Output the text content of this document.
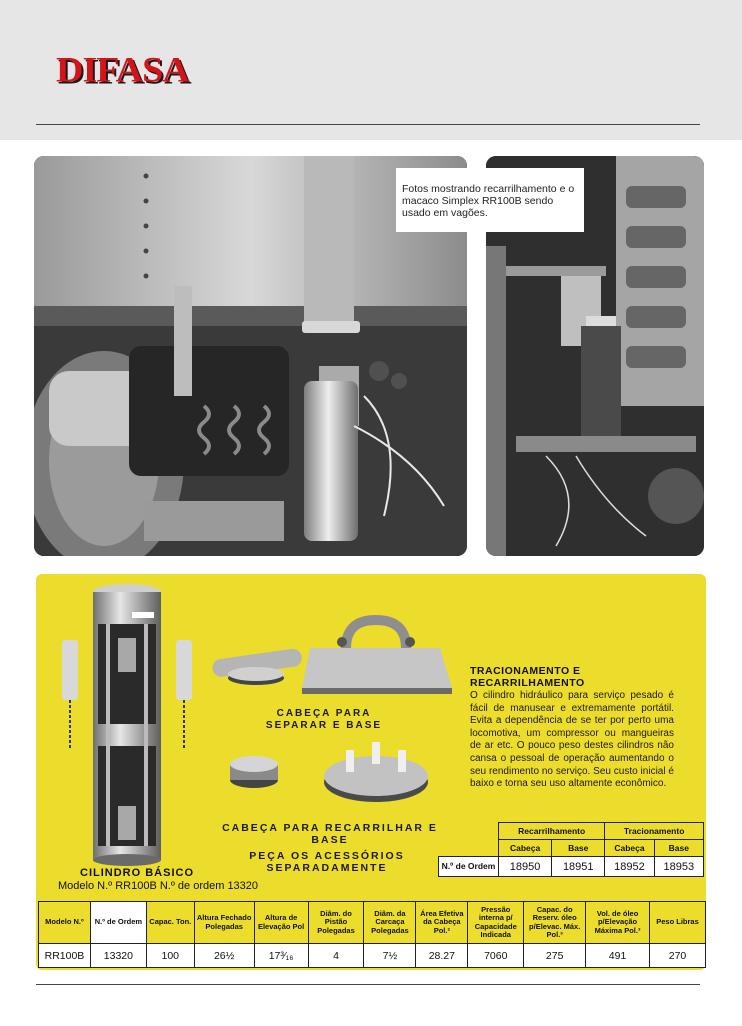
DIFASA
Fotos mostrando recarrilhamento e o macaco Simplex RR100B sendo usado em vagões.
CABEÇA PARA SEPARAR E BASE
CABEÇA PARA RECARRILHAR E BASE
PEÇA OS ACESSÓRIOS SEPARADAMENTE
CILINDRO BÁSICO
Modelo N.º RR100B N.º de ordem 13320
TRACIONAMENTO E RECARRILHAMENTO
O cilindro hidráulico para serviço pesado é fácil de manusear e extremamente portátil. Evita a dependência de se ter por perto uma locomotiva, um compressor ou mangueiras de ar etc. O pouco peso destes cilindros não cansa o pessoal de operação aumentando o seu rendimento no serviço. Seu custo inicial é baixo e torna seu uso altamente econômico.
	Recarrilhamento		Tracionamento	
	Cabeça	Base	Cabeça	Base
N.º de Ordem	18950	18951	18952	18953
Modelo N.º	N.º de Ordem	Capac. Ton.	Altura Fechado Polegadas	Altura de Elevação Pol	Diâm. do Pistão Polegadas	Diâm. da Carcaça Polegadas	Área Efetiva da Cabeça Pol.²	Pressão interna p/ Capacidade Indicada	Capac. do Reserv. óleo p/Elevac. Máx. Pol.³	Vol. de óleo p/Elevação Máxima Pol.³	Peso Libras
RR100B	13320	100	26½	17³⁄₁₆	4	7½	28.27	7060	275	491	270
